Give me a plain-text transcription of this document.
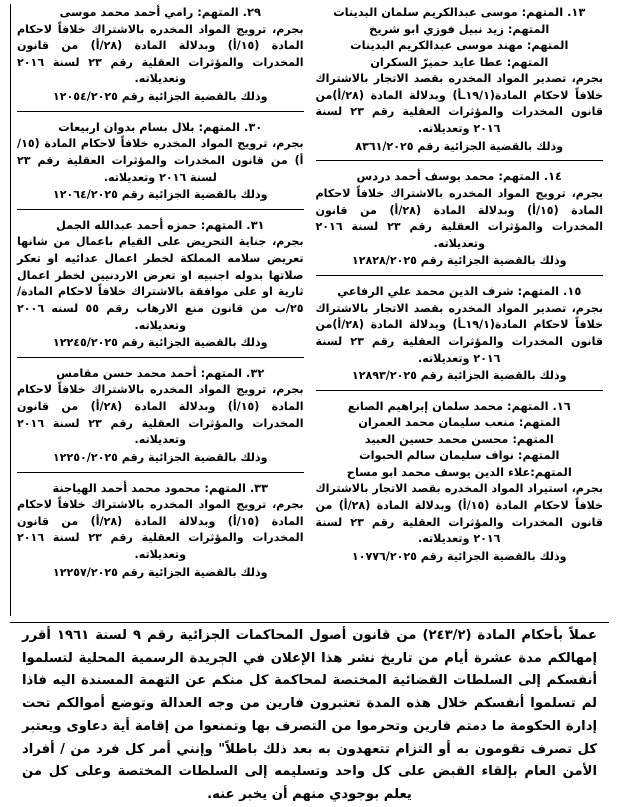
٢٩. المتهم: رامي أحمد محمد موسى
بجرم، ترويج المواد المخدره بالاشتراك خلافاً لاحكام المادة (١٥/أ) وبدلالة المادة (٢٨/أ) من قانون المخدرات والمؤثرات العقلية رقم ٢٣ لسنة ٢٠١٦ وتعديلاته.
وذلك بالقضية الجزائية رقم ١٢٠٥٤/٢٠٢٥
٣٠. المتهم: بلال بسام بدوان اربيعات
بجرم، ترويج المواد المخدره خلافاً لاحكام المادة (١٥/أ) من قانون المخدرات والمؤثرات العقلية رقم ٢٣ لسنة ٢٠١٦ وتعديلاته.
وذلك بالقضية الجزائية رقم ١٢٠٦٤/٢٠٢٥
٣١. المتهم: حمزه أحمد عبدالله الجمل
بجرم، جناية التحريض على القيام باعمال من شانها تعريض سلامه المملكة لخطر اعمال عدائيه او تعكر صلاتها بدوله اجنبيه او تعرض الاردنيين لخطر اعمال ثارية او على موافقة بالاشتراك خلافاً لاحكام المادة/٢٥/ب من قانون منع الارهاب رقم ٥٥ لسنه ٢٠٠٦ وتعديلاته.
وذلك بالقضية الجزائية رقم ١٢٢٤٥/٢٠٢٥
٣٢. المتهم: أحمد محمد حسن مقامس
بجرم، ترويج المواد المخدره بالاشتراك خلافاً لاحكام المادة (١٥/أ) وبدلالة المادة (٢٨/أ) من قانون المخدرات والمؤثرات العقلية رقم ٢٣ لسنة ٢٠١٦ وتعديلاته.
وذلك بالقضية الجزائية رقم ١٢٢٥٠/٢٠٢٥
٣٣. المتهم: محمود محمد أحمد الهياجنة
بجرم، ترويج المواد المخدره بالاشتراك خلافاً لاحكام المادة (١٥/أ) وبدلالة المادة (٢٨/أ) من قانون المخدرات والمؤثرات العقلية رقم ٢٣ لسنة ٢٠١٦ وتعديلاته.
وذلك بالقضية الجزائية رقم ١٢٢٥٧/٢٠٢٥
١٣. المتهم: موسى عبدالكريم سلمان البدينات
المتهم: زيد نبيل فوزي ابو شريخ
المتهم: مهند موسى عبدالكريم البدينات
المتهم: عطا عايد حميرّ السكران
بجرم، تصدير المواد المخدره بقصد الاتجار بالاشتراك خلافاً لاحكام المادة(١٩/١ـأ) وبدلالة المادة (٢٨/أ)من قانون المخدرات والمؤثرات العقلية رقم ٢٣ لسنة ٢٠١٦ وتعديلاته.
وذلك بالقضية الجزائية رقم ٨٣٦١/٢٠٢٥
١٤. المتهم: محمد يوسف أحمد دردس
بجرم، ترويج المواد المخدره بالاشتراك خلافاً لاحكام المادة (١٥/أ) وبدلالة المادة (٢٨/أ) من قانون المخدرات والمؤثرات العقلية رقم ٢٣ لسنة ٢٠١٦ وتعديلاته.
وذلك بالقضية الجزائية رقم ١٢٨٢٨/٢٠٢٥
١٥. المتهم: شرف الدين محمد علي الرفاعي
بجرم، تصدير المواد المخدره بقصد الاتجار بالاشتراك خلافاً لاحكام المادة(١٩/١ـأ) وبدلالة المادة (٢٨/أ)من قانون المخدرات والمؤثرات العقلية رقم ٢٣ لسنة ٢٠١٦ وتعديلاته.
وذلك بالقضية الجزائية رقم ١٢٨٩٣/٢٠٢٥
١٦. المتهم: محمد سلمان إبراهيم الصانع
المتهم: منعب سليمان محمد العمران
المتهم: محسن محمد حسين العبيد
المتهم: نواف سليمان سالم الحبوات
المتهم:علاء الدين يوسف محمد ابو مساح
بجرم، استيراد المواد المخدره بقصد الاتجار بالاشتراك خلافاً لاحكام المادة (١٥/أ) وبدلالة المادة (٢٨/أ) من قانون المخدرات والمؤثرات العقلية رقم ٢٣ لسنة ٢٠١٦ وتعديلاته.
وذلك بالقضية الجزائية رقم ١٠٧٧٦/٢٠٢٥

عملاً بأحكام المادة (٢٤٣/٢) من قانون أصول المحاكمات الجزائية رقم ٩ لسنة ١٩٦١ أقرر إمهالكم مدة عشرة أيام من تاريخ نشر هذا الإعلان في الجريدة الرسمية المحلية لتسلموا أنفسكم إلى السلطات القضائية المختصة لمحاكمة كل منكم عن التهمة المسندة اليه فاذا لم تسلموا أنفسكم خلال هذه المدة تعتبرون فارين من وجه العدالة وتوضع أموالكم تحت إدارة الحكومة ما دمتم فارين وتحرموا من التصرف بها وتمنعوا من إقامة أية دعاوى ويعتبر كل تصرف تقومون به أو التزام تتعهدون به بعد ذلك باطلاً" وإنني أمر كل فرد من / أفراد الأمن العام بإلقاء القبض على كل واحد وتسليمه إلى السلطات المختصة وعلى كل من يعلم بوجودي منهم أن يخبر عنه.
